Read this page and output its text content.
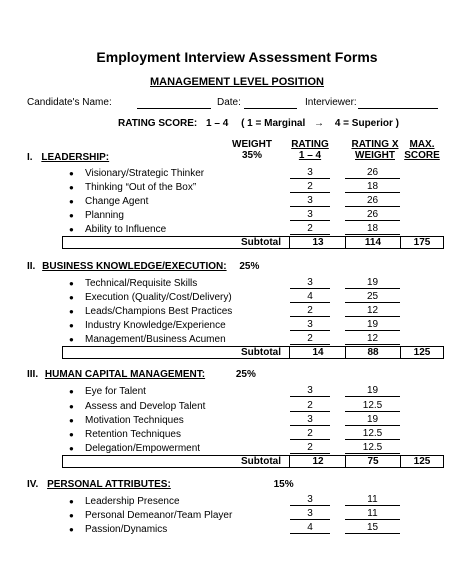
Employment Interview Assessment Forms
MANAGEMENT LEVEL POSITION
Candidate's Name:	Date:	Interviewer:
RATING SCORE: 1 – 4 ( 1 = Marginal → 4 = Superior )
WEIGHT
35%
RATING
1 – 4
RATING X
WEIGHT
MAX.
SCORE
I. LEADERSHIP:
● Visionary/Strategic Thinker	3	26
● Thinking “Out of the Box”	2	18
● Change Agent	3	26
● Planning	3	26
● Ability to Influence	2	18
Subtotal	13	114	175
II. BUSINESS KNOWLEDGE/EXECUTION: 25%
● Technical/Requisite Skills	3	19
● Execution (Quality/Cost/Delivery)	4	25
● Leads/Champions Best Practices	2	12
● Industry Knowledge/Experience	3	19
● Management/Business Acumen	2	12
Subtotal	14	88	125
III. HUMAN CAPITAL MANAGEMENT:	25%
● Eye for Talent	3	19
● Assess and Develop Talent	2	12.5
● Motivation Techniques	3	19
● Retention Techniques	2	12.5
● Delegation/Empowerment	2	12.5
Subtotal	12	75	125
IV. PERSONAL ATTRIBUTES:	15%
● Leadership Presence	3	11
● Personal Demeanor/Team Player	3	11
● Passion/Dynamics	4	15
